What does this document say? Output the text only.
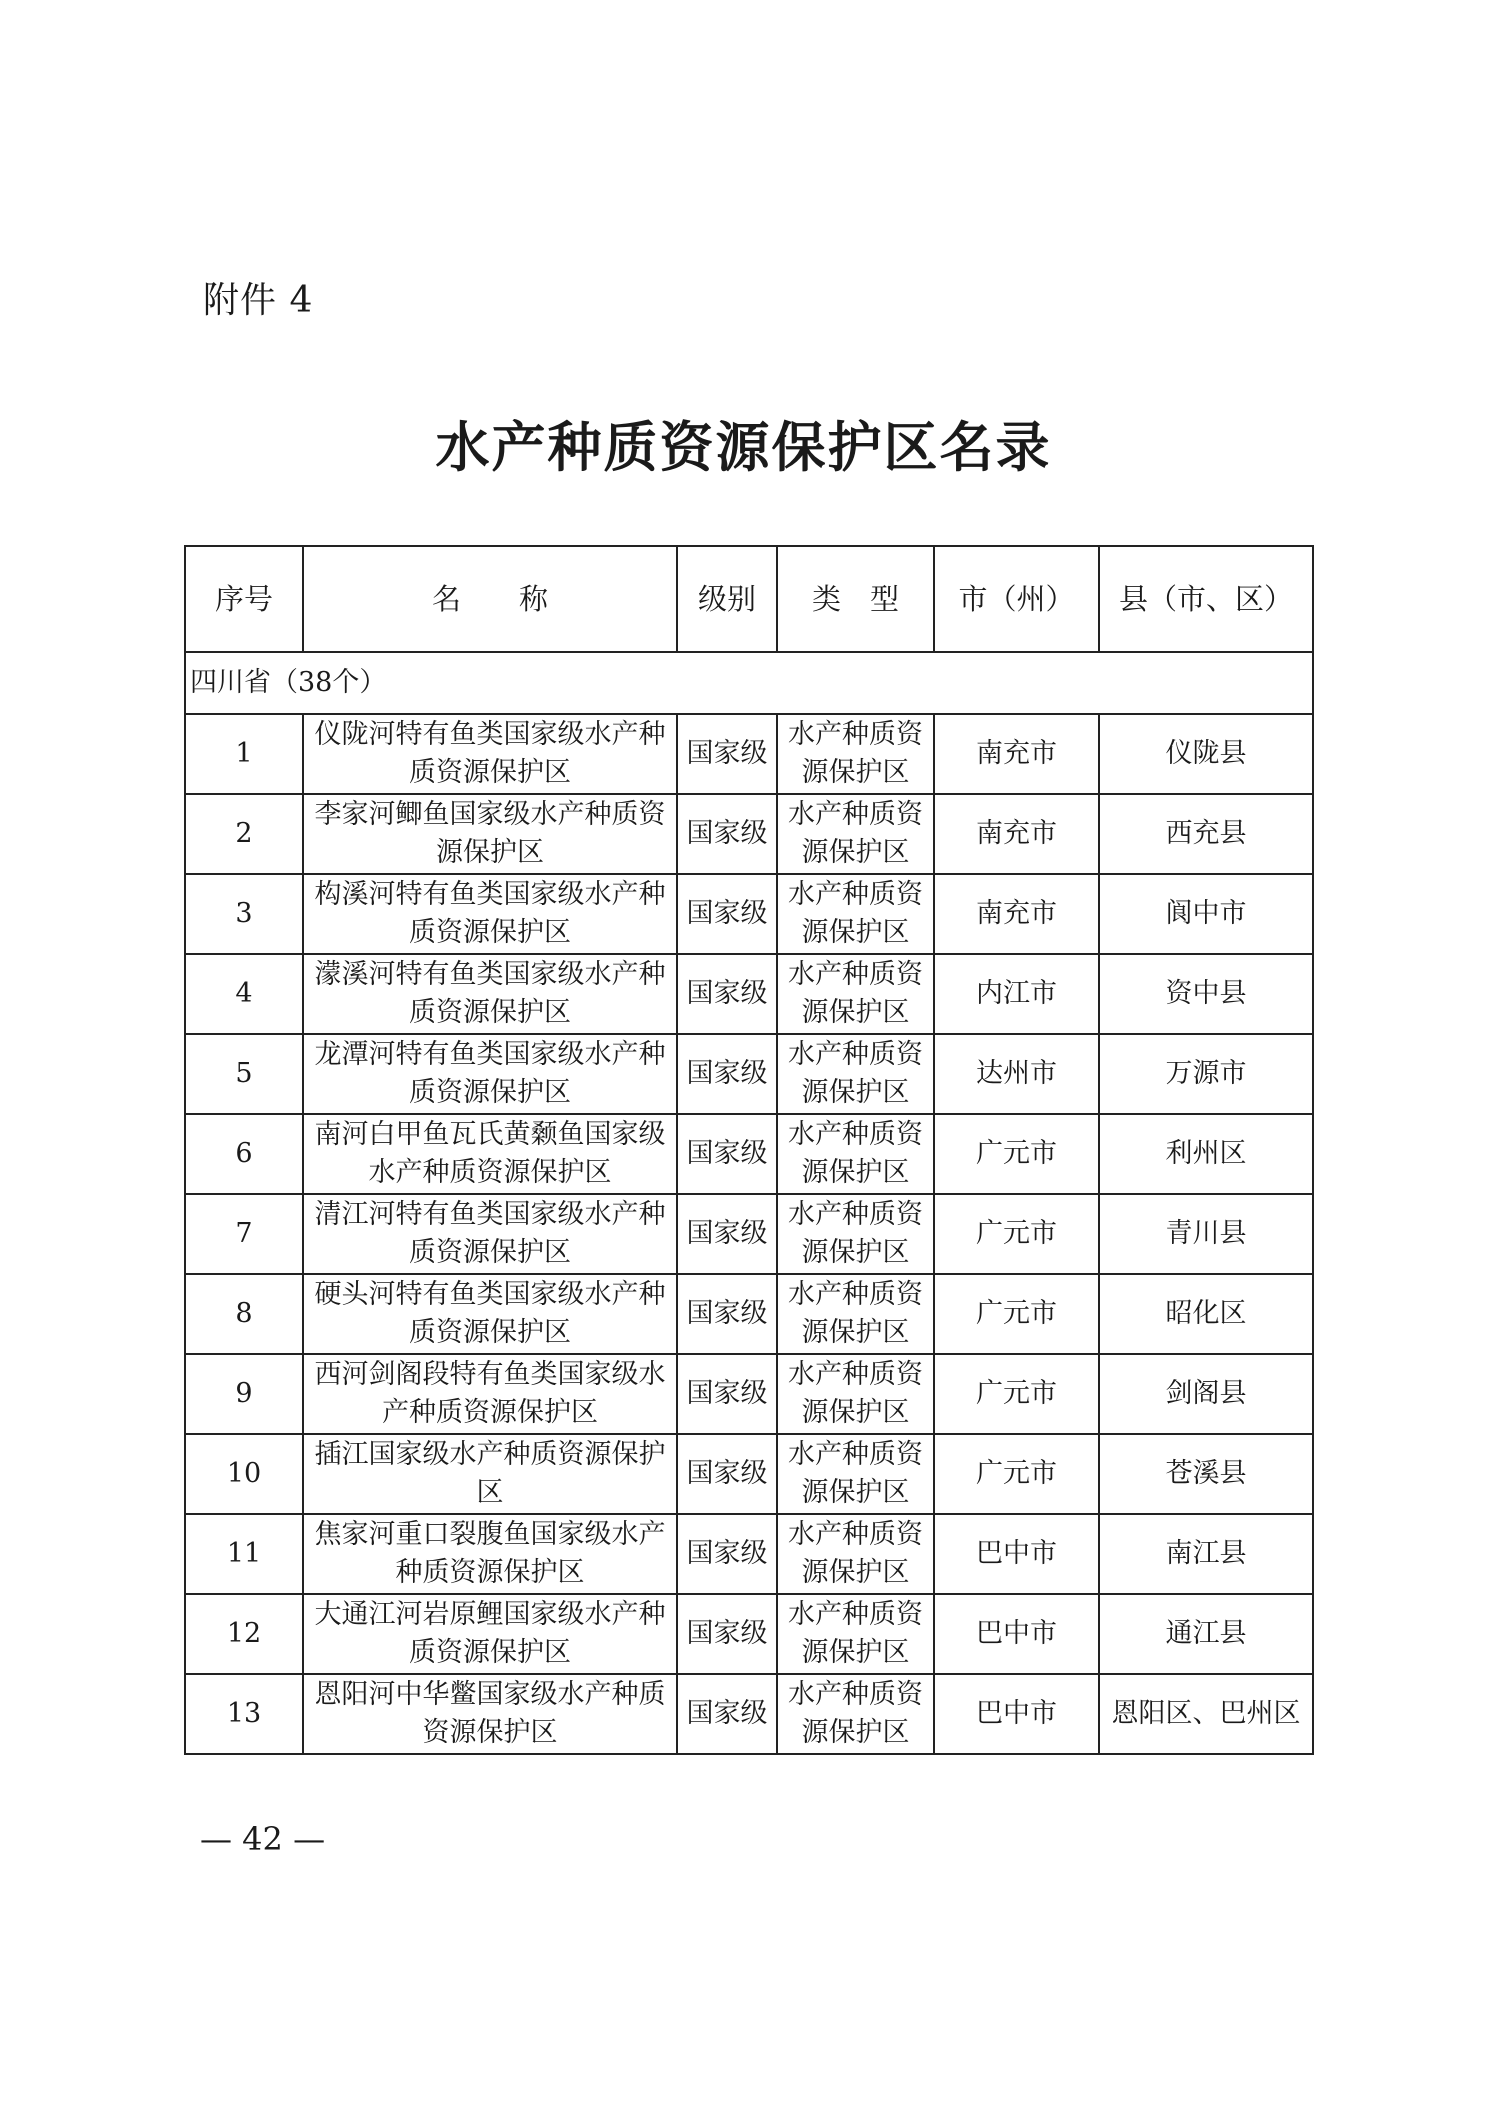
附件 4
水产种质资源保护区名录
序号	名　　称	级别	类　型	市（州）	县（市、区）
四川省（38个）					
1	仪陇河特有鱼类国家级水产种质资源保护区	国家级	水产种质资源保护区	南充市	仪陇县
2	李家河鲫鱼国家级水产种质资源保护区	国家级	水产种质资源保护区	南充市	西充县
3	构溪河特有鱼类国家级水产种质资源保护区	国家级	水产种质资源保护区	南充市	阆中市
4	濛溪河特有鱼类国家级水产种质资源保护区	国家级	水产种质资源保护区	内江市	资中县
5	龙潭河特有鱼类国家级水产种质资源保护区	国家级	水产种质资源保护区	达州市	万源市
6	南河白甲鱼瓦氏黄颡鱼国家级水产种质资源保护区	国家级	水产种质资源保护区	广元市	利州区
7	清江河特有鱼类国家级水产种质资源保护区	国家级	水产种质资源保护区	广元市	青川县
8	硬头河特有鱼类国家级水产种质资源保护区	国家级	水产种质资源保护区	广元市	昭化区
9	西河剑阁段特有鱼类国家级水产种质资源保护区	国家级	水产种质资源保护区	广元市	剑阁县
10	插江国家级水产种质资源保护区	国家级	水产种质资源保护区	广元市	苍溪县
11	焦家河重口裂腹鱼国家级水产种质资源保护区	国家级	水产种质资源保护区	巴中市	南江县
12	大通江河岩原鲤国家级水产种质资源保护区	国家级	水产种质资源保护区	巴中市	通江县
13	恩阳河中华鳖国家级水产种质资源保护区	国家级	水产种质资源保护区	巴中市	恩阳区、巴州区
— 42 —
